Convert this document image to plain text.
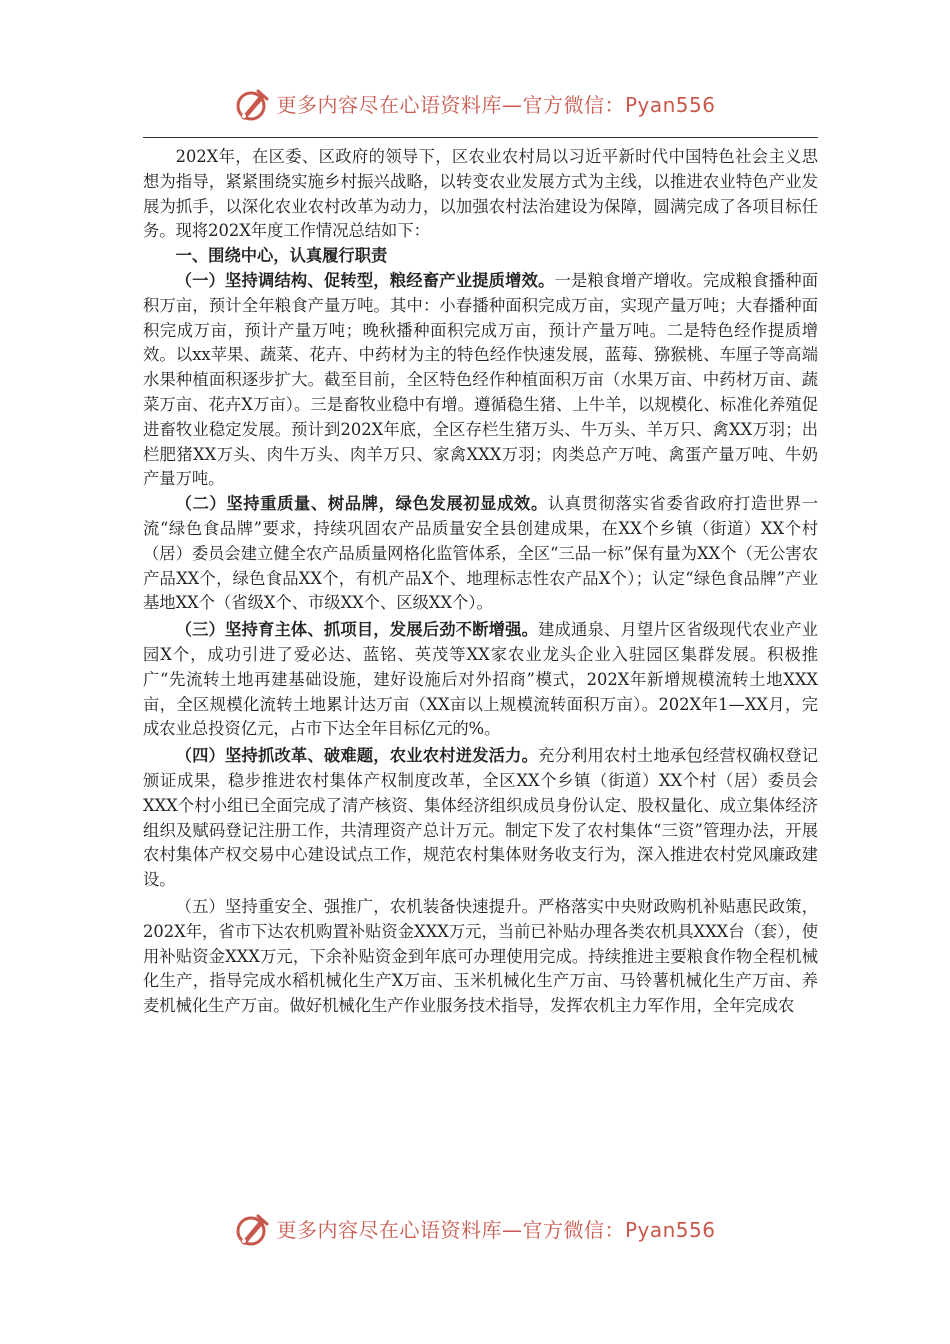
更多内容尽在心语资料库—官方微信：Pyan556

202X年，在区委、区政府的领导下，区农业农村局以习近平新时代中国特色社会主义思想为指导，紧紧围绕实施乡村振兴战略，以转变农业发展方式为主线，以推进农业特色产业发展为抓手，以深化农业农村改革为动力，以加强农村法治建设为保障，圆满完成了各项目标任务。现将202X年度工作情况总结如下：

一、围绕中心，认真履行职责

（一）坚持调结构、促转型，粮经畜产业提质增效。一是粮食增产增收。完成粮食播种面积万亩，预计全年粮食产量万吨。其中：小春播种面积完成万亩，实现产量万吨；大春播种面积完成万亩，预计产量万吨；晚秋播种面积完成万亩，预计产量万吨。二是特色经作提质增效。以xx苹果、蔬菜、花卉、中药材为主的特色经作快速发展，蓝莓、猕猴桃、车厘子等高端水果种植面积逐步扩大。截至目前，全区特色经作种植面积万亩（水果万亩、中药材万亩、蔬菜万亩、花卉X万亩）。三是畜牧业稳中有增。遵循稳生猪、上牛羊，以规模化、标准化养殖促进畜牧业稳定发展。预计到202X年底，全区存栏生猪万头、牛万头、羊万只、禽XX万羽；出栏肥猪XX万头、肉牛万头、肉羊万只、家禽XXX万羽；肉类总产万吨、禽蛋产量万吨、牛奶产量万吨。

（二）坚持重质量、树品牌，绿色发展初显成效。认真贯彻落实省委省政府打造世界一流“绿色食品牌”要求，持续巩固农产品质量安全县创建成果，在XX个乡镇（街道）XX个村（居）委员会建立健全农产品质量网格化监管体系，全区“三品一标”保有量为XX个（无公害农产品XX个，绿色食品XX个，有机产品X个、地理标志性农产品X个）；认定“绿色食品牌”产业基地XX个（省级X个、市级XX个、区级XX个）。

（三）坚持育主体、抓项目，发展后劲不断增强。建成通泉、月望片区省级现代农业产业园X个，成功引进了爱必达、蓝铭、英茂等XX家农业龙头企业入驻园区集群发展。积极推广“先流转土地再建基础设施，建好设施后对外招商”模式，202X年新增规模流转土地XXX亩，全区规模化流转土地累计达万亩（XX亩以上规模流转面积万亩）。202X年1—XX月，完成农业总投资亿元，占市下达全年目标亿元的%。

（四）坚持抓改革、破难题，农业农村迸发活力。充分利用农村土地承包经营权确权登记颁证成果，稳步推进农村集体产权制度改革，全区XX个乡镇（街道）XX个村（居）委员会XXX个村小组已全面完成了清产核资、集体经济组织成员身份认定、股权量化、成立集体经济组织及赋码登记注册工作，共清理资产总计万元。制定下发了农村集体“三资”管理办法，开展农村集体产权交易中心建设试点工作，规范农村集体财务收支行为，深入推进农村党风廉政建设。

（五）坚持重安全、强推广，农机装备快速提升。严格落实中央财政购机补贴惠民政策，202X年，省市下达农机购置补贴资金XXX万元，当前已补贴办理各类农机具XXX台（套），使用补贴资金XXX万元，下余补贴资金到年底可办理使用完成。持续推进主要粮食作物全程机械化生产，指导完成水稻机械化生产X万亩、玉米机械化生产万亩、马铃薯机械化生产万亩、养麦机械化生产万亩。做好机械化生产作业服务技术指导，发挥农机主力军作用，全年完成农

更多内容尽在心语资料库—官方微信：Pyan556
